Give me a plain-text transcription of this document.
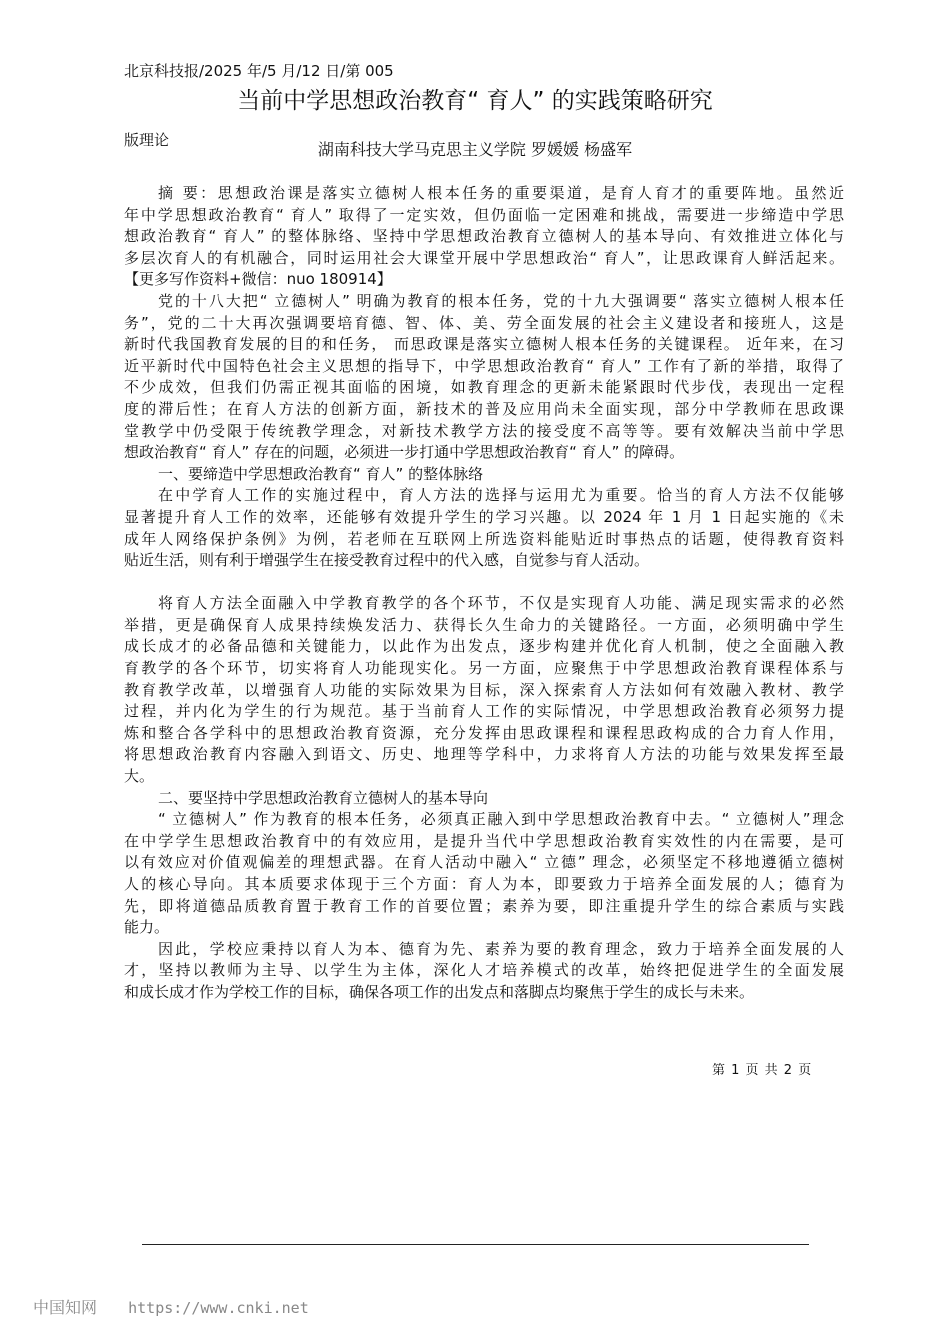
北京科技报/2025 年/5 月/12 日/第 005

版理论

当前中学思想政治教育“ 育人” 的实践策略研究
湖南科技大学马克思主义学院 罗媛媛 杨盛军
摘 要：思想政治课是落实立德树人根本任务的重要渠道，是育人育才的重要阵地。虽然近
年中学思想政治教育“ 育人” 取得了一定实效，但仍面临一定困难和挑战，需要进一步缔造中学思
想政治教育“ 育人” 的整体脉络、坚持中学思想政治教育立德树人的基本导向、有效推进立体化与
多层次育人的有机融合，同时运用社会大课堂开展中学思想政治“ 育人”，让思政课育人鲜活起来。
【更多写作资料+微信：nuo 180914】
党的十八大把“ 立德树人” 明确为教育的根本任务，党的十九大强调要“ 落实立德树人根本任
务”，党的二十大再次强调要培育德、智、体、美、劳全面发展的社会主义建设者和接班人，这是
新时代我国教育发展的目的和任务， 而思政课是落实立德树人根本任务的关键课程。 近年来，在习
近平新时代中国特色社会主义思想的指导下，中学思想政治教育“ 育人” 工作有了新的举措，取得了
不少成效，但我们仍需正视其面临的困境，如教育理念的更新未能紧跟时代步伐，表现出一定程
度的滞后性；在育人方法的创新方面，新技术的普及应用尚未全面实现，部分中学教师在思政课
堂教学中仍受限于传统教学理念，对新技术教学方法的接受度不高等等。要有效解决当前中学思
想政治教育“ 育人” 存在的问题，必须进一步打通中学思想政治教育“ 育人” 的障碍。
一、要缔造中学思想政治教育“ 育人” 的整体脉络
在中学育人工作的实施过程中，育人方法的选择与运用尤为重要。恰当的育人方法不仅能够
显著提升育人工作的效率，还能够有效提升学生的学习兴趣。以 2024 年 1 月 1 日起实施的《未
成年人网络保护条例》为例，若老师在互联网上所选资料能贴近时事热点的话题，使得教育资料
贴近生活，则有利于增强学生在接受教育过程中的代入感，自觉参与育人活动。
将育人方法全面融入中学教育教学的各个环节，不仅是实现育人功能、满足现实需求的必然
举措，更是确保育人成果持续焕发活力、获得长久生命力的关键路径。一方面，必须明确中学生
成长成才的必备品德和关键能力，以此作为出发点，逐步构建并优化育人机制，使之全面融入教
育教学的各个环节，切实将育人功能现实化。另一方面，应聚焦于中学思想政治教育课程体系与
教育教学改革，以增强育人功能的实际效果为目标，深入探索育人方法如何有效融入教材、教学
过程，并内化为学生的行为规范。基于当前育人工作的实际情况，中学思想政治教育必须努力提
炼和整合各学科中的思想政治教育资源，充分发挥由思政课程和课程思政构成的合力育人作用，
将思想政治教育内容融入到语文、历史、地理等学科中，力求将育人方法的功能与效果发挥至最
大。
二、要坚持中学思想政治教育立德树人的基本导向
“ 立德树人” 作为教育的根本任务，必须真正融入到中学思想政治教育中去。“ 立德树人”理念
在中学学生思想政治教育中的有效应用，是提升当代中学思想政治教育实效性的内在需要，是可
以有效应对价值观偏差的理想武器。在育人活动中融入“ 立德” 理念，必须坚定不移地遵循立德树
人的核心导向。其本质要求体现于三个方面：育人为本，即要致力于培养全面发展的人；德育为
先，即将道德品质教育置于教育工作的首要位置；素养为要，即注重提升学生的综合素质与实践
能力。
因此，学校应秉持以育人为本、德育为先、素养为要的教育理念，致力于培养全面发展的人
才，坚持以教师为主导、以学生为主体，深化人才培养模式的改革，始终把促进学生的全面发展
和成长成才作为学校工作的目标，确保各项工作的出发点和落脚点均聚焦于学生的成长与未来。
第 1 页 共 2 页
中国知网 https://www.cnki.net
